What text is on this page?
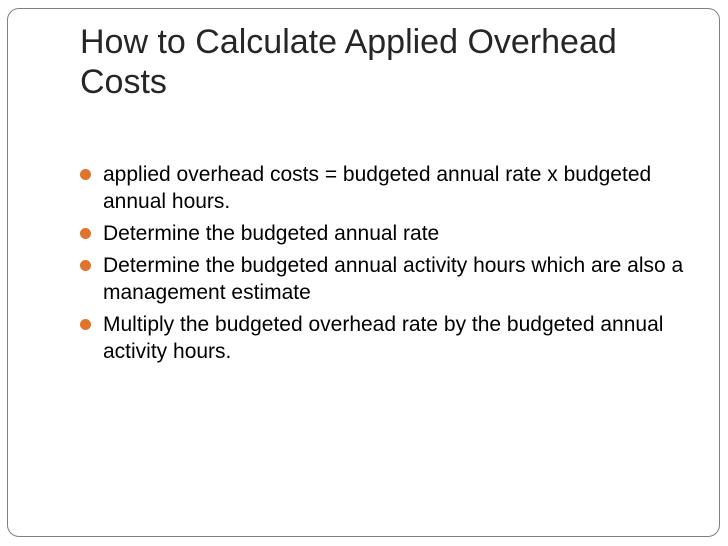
How to Calculate Applied Overhead Costs
applied overhead costs = budgeted annual rate x budgeted annual hours.
Determine the budgeted annual rate
Determine the budgeted annual activity hours which are also a management estimate
Multiply the budgeted overhead rate by the budgeted annual activity hours.
